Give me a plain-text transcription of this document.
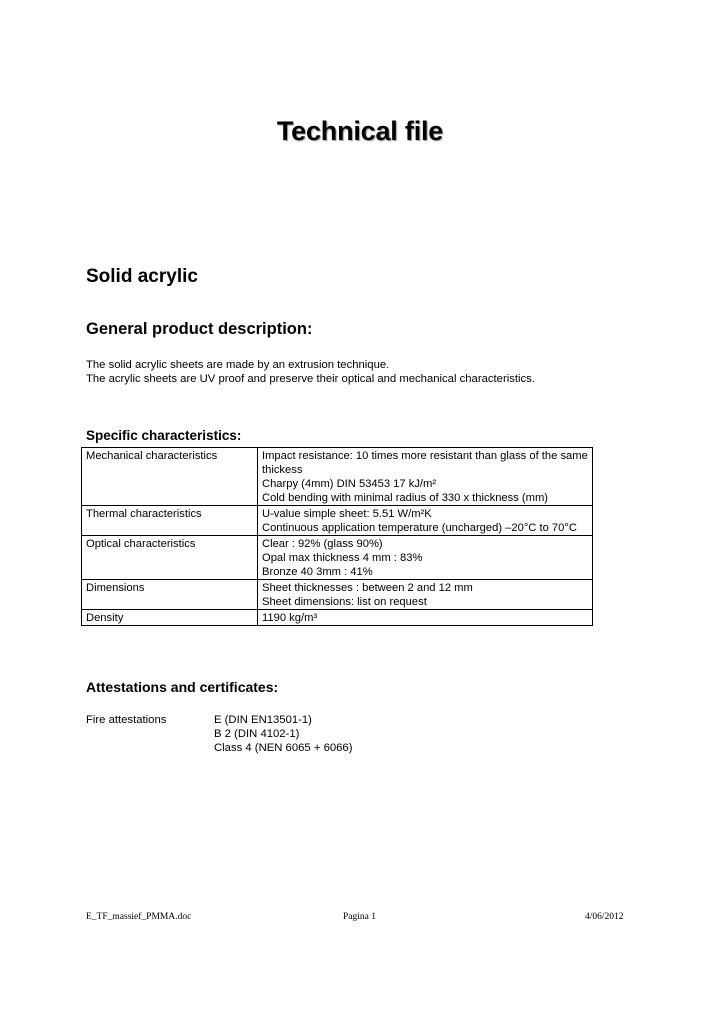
Technical file
Solid acrylic
General product description:
The solid acrylic sheets are made by an extrusion technique.
The acrylic sheets are UV proof and preserve their optical and mechanical characteristics.
Specific characteristics:
Mechanical characteristics	Impact resistance: 10 times more resistant than glass of the same thickess
Charpy (4mm) DIN 53453 17 kJ/m²
Cold bending with minimal radius of 330 x thickness (mm)

Thermal characteristics	U-value simple sheet: 5.51 W/m²K
Continuous application temperature (uncharged) –20°C to 70°C

Optical characteristics	Clear : 92% (glass 90%)
Opal max thickness 4 mm : 83%
Bronze 40 3mm : 41%

Dimensions	Sheet thicknesses : between 2 and 12 mm
Sheet dimensions: list on request

Density	1190 kg/m³
Attestations and certificates:
Fire attestations	E (DIN EN13501-1)
B 2 (DIN 4102-1)
Class 4 (NEN 6065 + 6066)
E_TF_massief_PMMA.doc	Pagina 1	4/06/2012
